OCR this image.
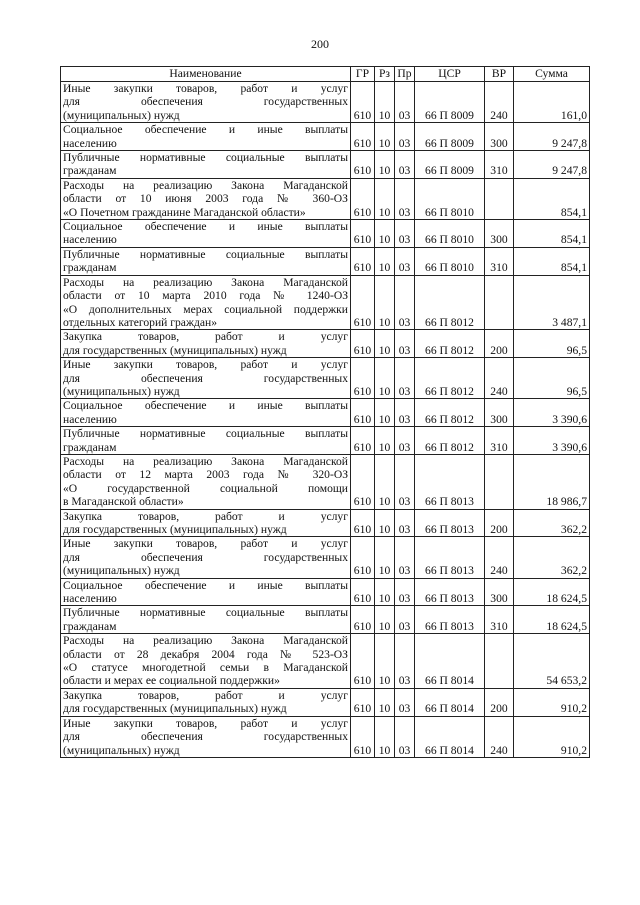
200
Наименование	ГР	Рз	Пр	ЦСР	ВР	Сумма

Иные закупки товаров, работ и услуг
для обеспечения государственных
(муниципальных) нужд	610	10	03	66 П 8009	240	161,0

Социальное обеспечение и иные выплаты
населению	610	10	03	66 П 8009	300	9 247,8

Публичные нормативные социальные выплаты
гражданам	610	10	03	66 П 8009	310	9 247,8

Расходы на реализацию Закона Магаданской
области от 10 июня 2003 года № 360-ОЗ
«О Почетном гражданине Магаданской области»	610	10	03	66 П 8010		854,1

Социальное обеспечение и иные выплаты
населению	610	10	03	66 П 8010	300	854,1

Публичные нормативные социальные выплаты
гражданам	610	10	03	66 П 8010	310	854,1

Расходы на реализацию Закона Магаданской
области от 10 марта 2010 года № 1240-ОЗ
«О дополнительных мерах социальной поддержки
отдельных категорий граждан»	610	10	03	66 П 8012		3 487,1

Закупка товаров, работ и услуг
для государственных (муниципальных) нужд	610	10	03	66 П 8012	200	96,5

Иные закупки товаров, работ и услуг
для обеспечения государственных
(муниципальных) нужд	610	10	03	66 П 8012	240	96,5

Социальное обеспечение и иные выплаты
населению	610	10	03	66 П 8012	300	3 390,6

Публичные нормативные социальные выплаты
гражданам	610	10	03	66 П 8012	310	3 390,6

Расходы на реализацию Закона Магаданской
области от 12 марта 2003 года № 320-ОЗ
«О государственной социальной помощи
в Магаданской области»	610	10	03	66 П 8013		18 986,7

Закупка товаров, работ и услуг
для государственных (муниципальных) нужд	610	10	03	66 П 8013	200	362,2

Иные закупки товаров, работ и услуг
для обеспечения государственных
(муниципальных) нужд	610	10	03	66 П 8013	240	362,2

Социальное обеспечение и иные выплаты
населению	610	10	03	66 П 8013	300	18 624,5

Публичные нормативные социальные выплаты
гражданам	610	10	03	66 П 8013	310	18 624,5

Расходы на реализацию Закона Магаданской
области от 28 декабря 2004 года № 523-ОЗ
«О статусе многодетной семьи в Магаданской
области и мерах ее социальной поддержки»	610	10	03	66 П 8014		54 653,2

Закупка товаров, работ и услуг
для государственных (муниципальных) нужд	610	10	03	66 П 8014	200	910,2

Иные закупки товаров, работ и услуг
для обеспечения государственных
(муниципальных) нужд	610	10	03	66 П 8014	240	910,2
